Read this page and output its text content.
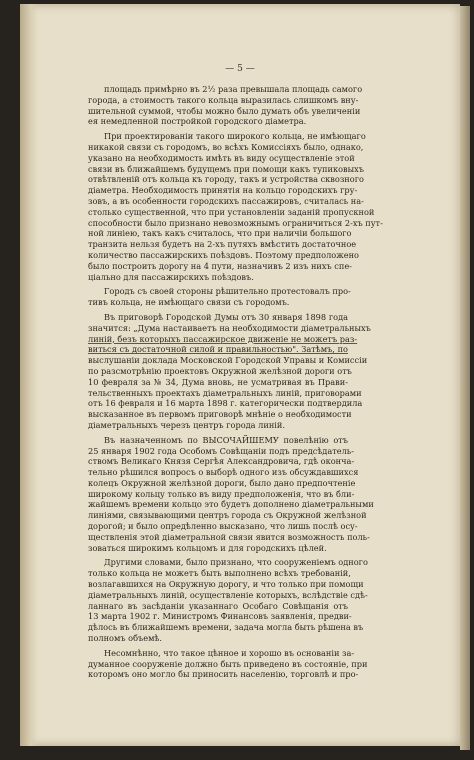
— 5 —
площадь примѣрно въ 2½ раза превышала площадь самого
города, а стоимость такого кольца выразилась слишкомъ вну-
шительной суммой, чтобы можно было думать объ увеличеніи
ея немедленной постройкой городского діаметра.
При проектированіи такого широкого кольца, не имѣющаго
никакой связи съ городомъ, во всѣхъ Комиссіяхъ было, однако,
указано на необходимость имѣть въ виду осуществленіе этой
связи въ ближайшемъ будущемъ при помощи какъ тупиковыхъ
отвѣтвленій отъ кольца къ городу, такъ и устройства сквозного
діаметра. Необходимость принятія на кольцо городскихъ гру-
зовъ, а въ особенности городскихъ пассажировъ, считалась на-
столько существенной, что при установленіи заданій пропускной
способности было признано невозможнымъ ограничиться 2-хъ пут-
ной линіею, такъ какъ считалось, что при наличіи большого
транзита нельзя будетъ на 2-хъ путяхъ вмѣстить достаточное
количество пассажирскихъ поѣздовъ. Поэтому предположено
было построить дорогу на 4 пути, назначивъ 2 изъ нихъ спе-
ціально для пассажирскихъ поѣздовъ.
Городъ съ своей стороны рѣшительно протестовалъ про-
тивъ кольца, не имѣющаго связи съ городомъ.
Въ приговорѣ Городской Думы отъ 30 января 1898 года
значится: „Дума настаиваетъ на необходимости діаметральныхъ
линій, безъ которыхъ пассажирское движеніе не можетъ раз-
виться съ достаточной силой и правильностью". Затѣмъ, по
выслушаніи доклада Московской Городской Управы и Комиссіи
по разсмотрѣнію проектовъ Окружной желѣзной дороги отъ
10 февраля за № 34, Дума вновь, не усматривая въ Прави-
тельственныхъ проектахъ діаметральныхъ линій, приговорами
отъ 16 февраля и 16 марта 1898 г. категорически подтвердила
высказанное въ первомъ приговорѣ мнѣніе о необходимости
діаметральныхъ черезъ центръ города линій.
Въ назначенномъ по ВЫСОЧАЙШЕМУ повелѣнію отъ
25 января 1902 года Особомъ Совѣщаніи подъ предсѣдатель-
ствомъ Великаго Князя Сергѣя Александровича, гдѣ оконча-
тельно рѣшился вопросъ о выборѣ одного изъ обсуждавшихся
колецъ Окружной желѣзной дороги, было дано предпочтеніе
широкому кольцу только въ виду предположенія, что въ бли-
жайшемъ времени кольцо это будетъ дополнено діаметральными
линіями, связывающими центръ города съ Окружной желѣзной
дорогой; и было опредѣленно высказано, что лишь послѣ осу-
ществленія этой діаметральной связи явится возможность поль-
зоваться широкимъ кольцомъ и для городскихъ цѣлей.
Другими словами, было признано, что сооруженіемъ одного
только кольца не можетъ быть выполнено всѣхъ требованій,
возлагавшихся на Окружную дорогу, и что только при помощи
діаметральныхъ линій, осуществленіе которыхъ, вслѣдствіе сдѣ-
ланнаго въ засѣданіи указаннаго Особаго Совѣщанія отъ
13 марта 1902 г. Министромъ Финансовъ заявленія, предви-
дѣлось въ ближайшемъ времени, задача могла быть рѣшена въ
полномъ объемѣ.
Несомнѣнно, что такое цѣнное и хорошо въ основаніи за-
думанное сооруженіе должно быть приведено въ состояніе, при
которомъ оно могло бы приносить населенію, торговлѣ и про-
